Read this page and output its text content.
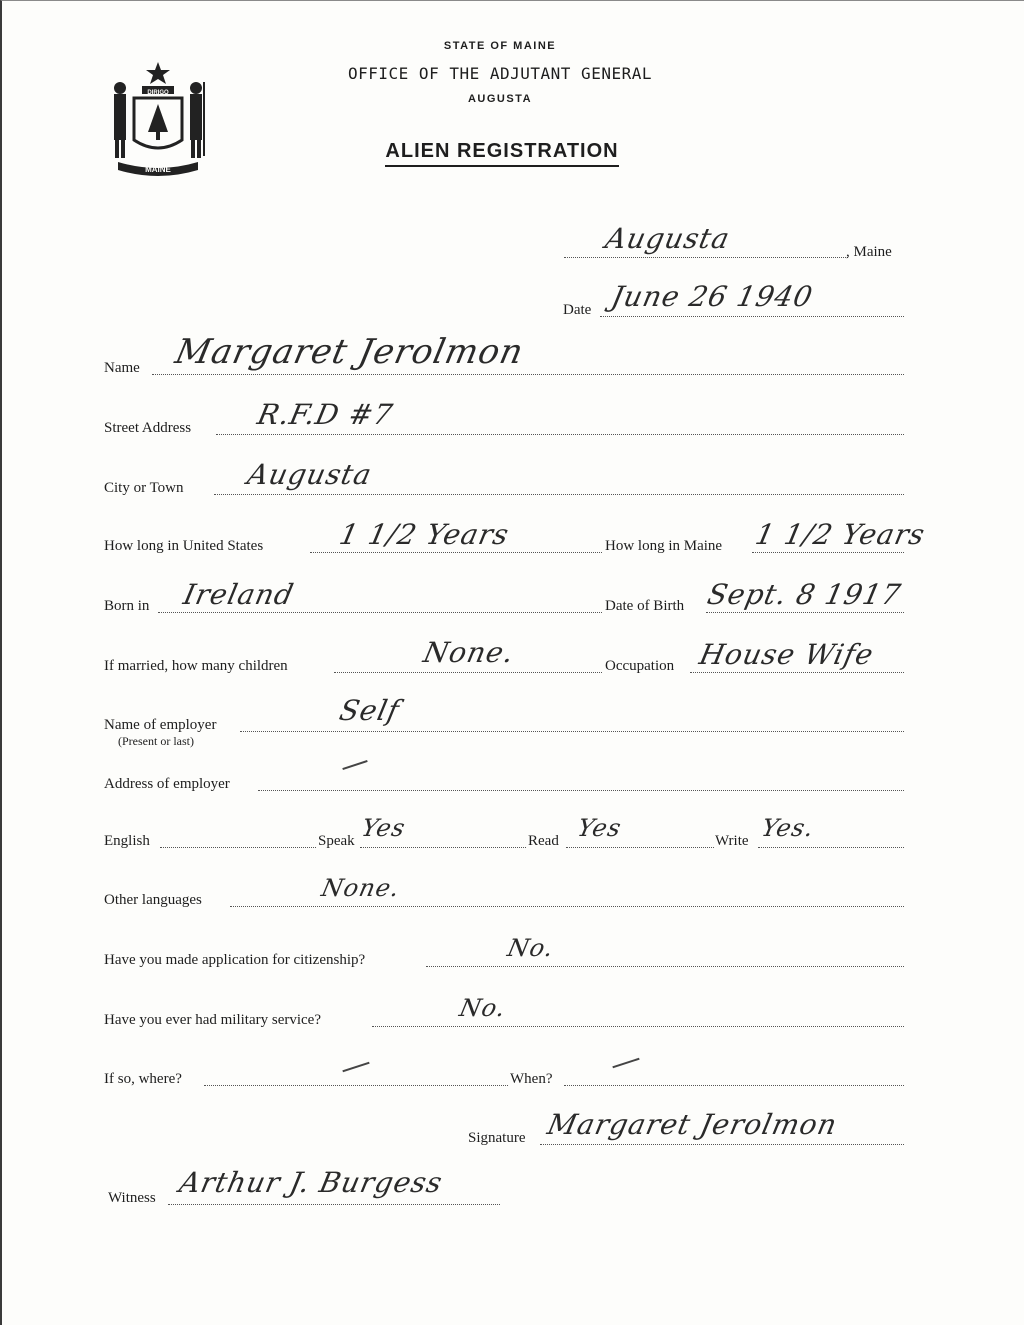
MAINE
DIRIGO
STATE OF MAINE
OFFICE OF THE ADJUTANT GENERAL
AUGUSTA
ALIEN REGISTRATION
Augusta	, Maine
Date June 26 1940
Name Margaret Jerolmon
Street Address R.F.D #7
City or Town Augusta
How long in United States	1 1/2 Years	How long in Maine 1 1/2 Years
Born in Ireland	Date of Birth Sept. 8 1917
If married, how many children	None.	Occupation House Wife
Name of employer
(Present or last)
Self
Address of employer
English	Speak Yes	Read Yes	Write Yes.
Other languages	None.
Have you made application for citizenship?	No.
Have you ever had military service?	No.
If so, where?	When?
Signature Margaret Jerolmon
Witness Arthur J. Burgess
